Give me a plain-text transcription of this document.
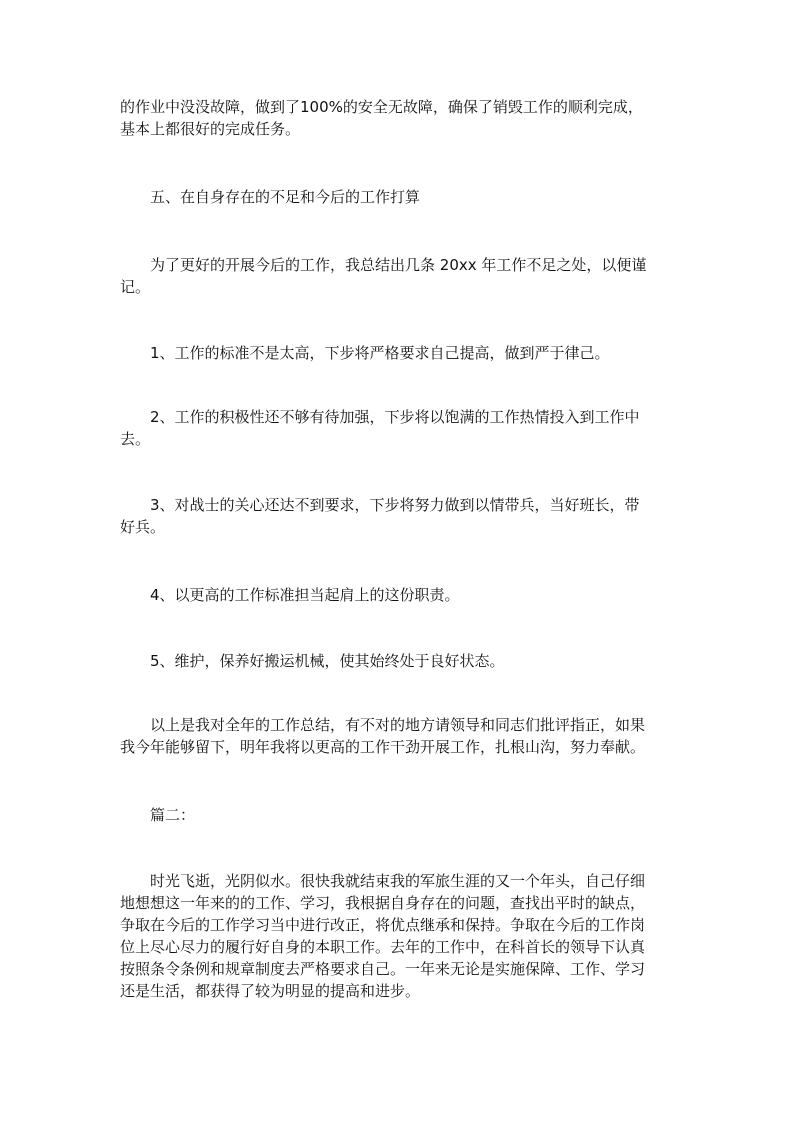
的作业中没没故障，做到了100%的安全无故障，确保了销毁工作的顺利完成，
基本上都很好的完成任务。

五、在自身存在的不足和今后的工作打算

为了更好的开展今后的工作，我总结出几条 20xx 年工作不足之处，以便谨
记。

1、工作的标准不是太高，下步将严格要求自己提高，做到严于律己。

2、工作的积极性还不够有待加强，下步将以饱满的工作热情投入到工作中
去。

3、对战士的关心还达不到要求，下步将努力做到以情带兵，当好班长，带
好兵。

4、以更高的工作标准担当起肩上的这份职责。

5、维护，保养好搬运机械，使其始终处于良好状态。

以上是我对全年的工作总结，有不对的地方请领导和同志们批评指正，如果
我今年能够留下，明年我将以更高的工作干劲开展工作，扎根山沟，努力奉献。

篇二：

时光飞逝，光阴似水。很快我就结束我的军旅生涯的又一个年头，自己仔细
地想想这一年来的的工作、学习，我根据自身存在的问题，查找出平时的缺点，
争取在今后的工作学习当中进行改正，将优点继承和保持。争取在今后的工作岗
位上尽心尽力的履行好自身的本职工作。去年的工作中，在科首长的领导下认真
按照条令条例和规章制度去严格要求自己。一年来无论是实施保障、工作、学习
还是生活，都获得了较为明显的提高和进步。
